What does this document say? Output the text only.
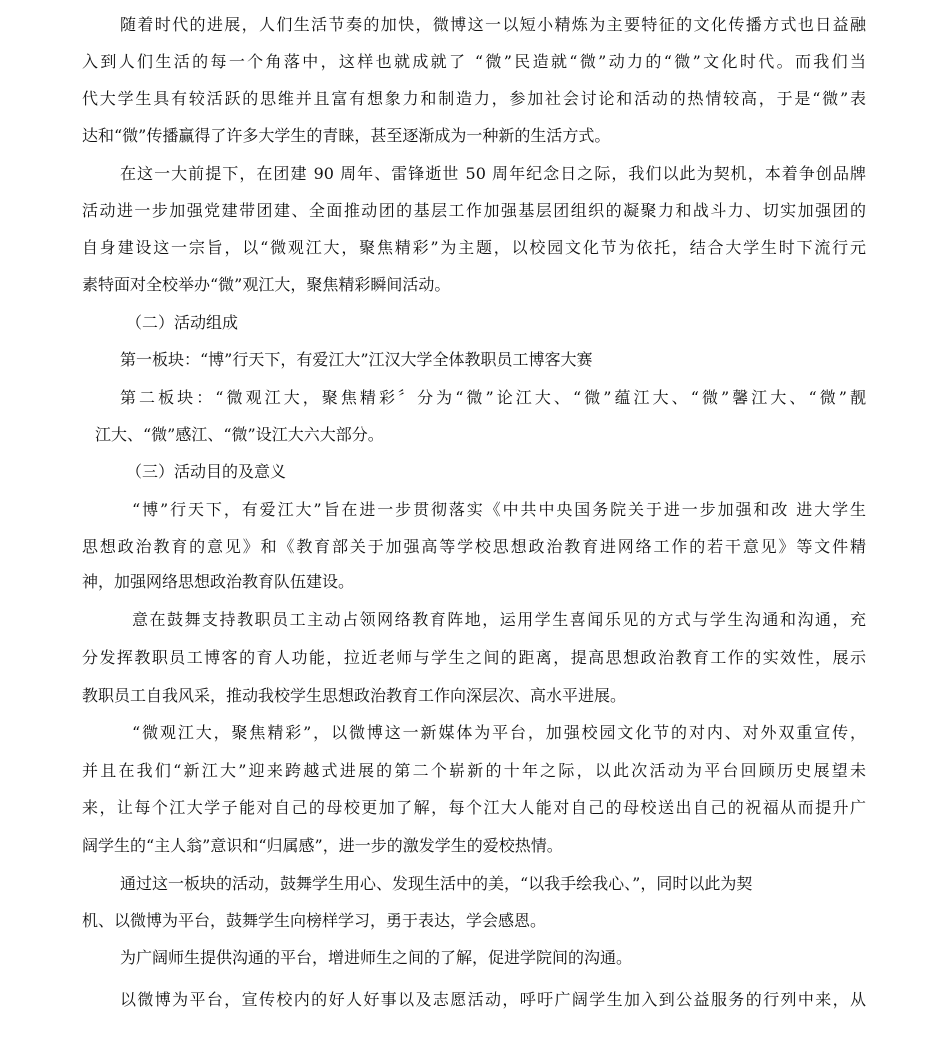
随着时代的进展，人们生活节奏的加快，微博这一以短小精炼为主要特征的文化传播方式也日益融

入到人们生活的每一个角落中，这样也就成就了 “微”民造就“微”动力的“微”文化时代。而我们当

代大学生具有较活跃的思维并且富有想象力和制造力，参加社会讨论和活动的热情较高，于是“微”表

达和“微”传播赢得了许多大学生的青睐，甚至逐渐成为一种新的生活方式。

在这一大前提下，在团建 90 周年、雷锋逝世 50 周年纪念日之际，我们以此为契机，本着争创品牌

活动进一步加强党建带团建、全面推动团的基层工作加强基层团组织的凝聚力和战斗力、切实加强团的

自身建设这一宗旨，以“微观江大，聚焦精彩”为主题，以校园文化节为依托，结合大学生时下流行元

素特面对全校举办“微”观江大，聚焦精彩瞬间活动。

（二）活动组成

第一板块：“博”行天下，有爱江大”江汉大学全体教职员工博客大赛

第二板块：“微观江大，聚焦精彩〞分为“微”论江大、“微”蕴江大、“微”馨江大、“微”靓

江大、“微”感江、“微”设江大六大部分。

（三）活动目的及意义

“博”行天下，有爱江大”旨在进一步贯彻落实《中共中央国务院关于进一步加强和改 进大学生

思想政治教育的意见》和《教育部关于加强高等学校思想政治教育进网络工作的若干意见》等文件精

神，加强网络思想政治教育队伍建设。

意在鼓舞支持教职员工主动占领网络教育阵地，运用学生喜闻乐见的方式与学生沟通和沟通，充

分发挥教职员工博客的育人功能，拉近老师与学生之间的距离，提高思想政治教育工作的实效性，展示

教职员工自我风采，推动我校学生思想政治教育工作向深层次、高水平进展。

“微观江大，聚焦精彩”，以微博这一新媒体为平台，加强校园文化节的对内、对外双重宣传，

并且在我们“新江大”迎来跨越式进展的第二个崭新的十年之际，以此次活动为平台回顾历史展望未

来，让每个江大学子能对自己的母校更加了解，每个江大人能对自己的母校送出自己的祝福从而提升广

阔学生的“主人翁”意识和“归属感”，进一步的激发学生的爱校热情。

通过这一板块的活动，鼓舞学生用心、发现生活中的美，“以我手绘我心、”，同时以此为契

机、以微博为平台，鼓舞学生向榜样学习，勇于表达，学会感恩。

为广阔师生提供沟通的平台，增进师生之间的了解，促进学院间的沟通。

以微博为平台，宣传校内的好人好事以及志愿活动，呼吁广阔学生加入到公益服务的行列中来，从
